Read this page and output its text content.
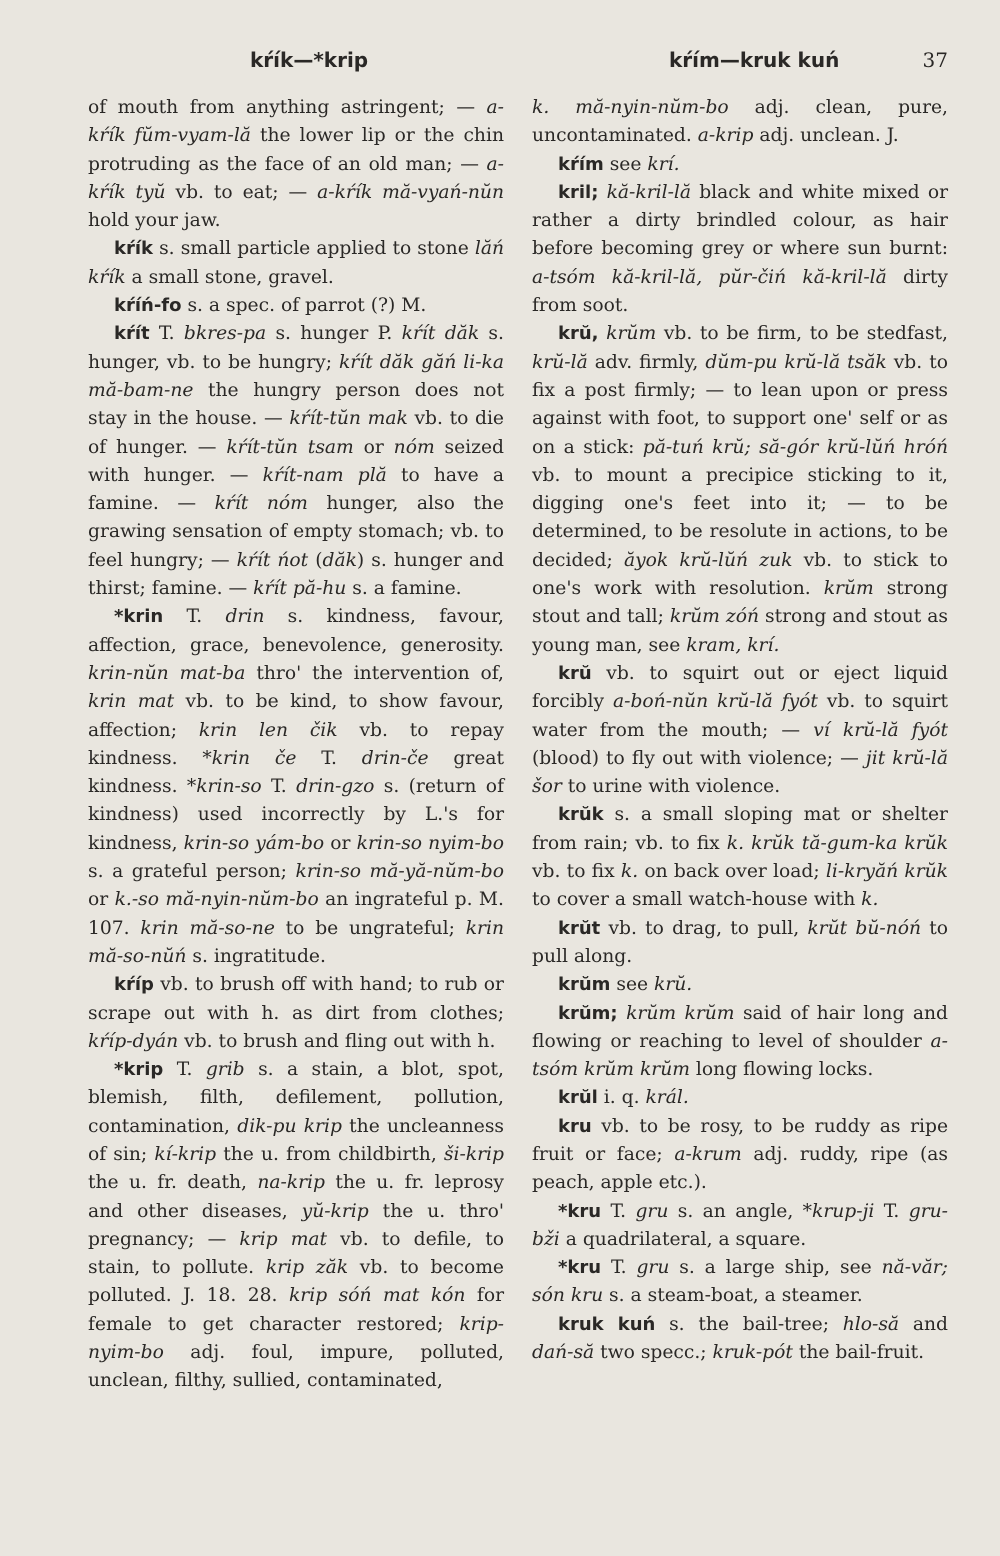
kŕík—*krip	kŕím—kruk kuń	37

of mouth from anything astringent; — a-kŕík fŭm-vyam-lă the lower lip or the chin protruding as the face of an old man; — a-kŕík tyŭ vb. to eat; — a-kŕík mă-vyań-nŭn hold your jaw.

kŕík s. small particle applied to stone lăń kŕík a small stone, gravel.

kŕíń-fo s. a spec. of parrot (?) M.

kŕít T. bkres-pa s. hunger P. kŕít dăk s. hunger, vb. to be hungry; kŕít dăk găń li-ka mă-bam-ne the hungry person does not stay in the house. — kŕít-tŭn mak vb. to die of hunger. — kŕít-tŭn tsam or nóm seized with hunger. — kŕít-nam plă to have a famine. — kŕít nóm hunger, also the grawing sensation of empty stomach; vb. to feel hungry; — kŕít ńot (dăk) s. hunger and thirst; famine. — kŕít pă-hu s. a famine.

*krin T. drin s. kindness, favour, affection, grace, benevolence, generosity. krin-nŭn mat-ba thro' the intervention of, krin mat vb. to be kind, to show favour, affection; krin len čik vb. to repay kindness. *krin če T. drin-če great kindness. *krin-so T. drin-gzo s. (return of kindness) used incorrectly by L.'s for kindness, krin-so yám-bo or krin-so nyim-bo s. a grateful person; krin-so mă-yă-nŭm-bo or k.-so mă-nyin-nŭm-bo an ingrateful p. M. 107. krin mă-so-ne to be ungrateful; krin mă-so-nŭń s. ingratitude.

kŕíp vb. to brush off with hand; to rub or scrape out with h. as dirt from clothes; kŕíp-dyán vb. to brush and fling out with h.

*krip T. grib s. a stain, a blot, spot, blemish, filth, defilement, pollution, contamination, dik-pu krip the uncleanness of sin; kí-krip the u. from childbirth, ši-krip the u. fr. death, na-krip the u. fr. leprosy and other diseases, yŭ-krip the u. thro' pregnancy; — krip mat vb. to defile, to stain, to pollute. krip zăk vb. to become polluted. J. 18. 28. krip sóń mat kón for female to get character restored; krip-nyim-bo adj. foul, impure, polluted, unclean, filthy, sullied, contaminated,

k. mă-nyin-nŭm-bo adj. clean, pure, uncontaminated. a-krip adj. unclean. J.

kŕím see krí.

kril; kă-kril-lă black and white mixed or rather a dirty brindled colour, as hair before becoming grey or where sun burnt: a-tsóm kă-kril-lă, pŭr-čiń kă-kril-lă dirty from soot.

krŭ, krŭm vb. to be firm, to be stedfast, krŭ-lă adv. firmly, dŭm-pu krŭ-lă tsăk vb. to fix a post firmly; — to lean upon or press against with foot, to support one' self or as on a stick: pă-tuń krŭ; să-gór krŭ-lŭń hróń vb. to mount a precipice sticking to it, digging one's feet into it; — to be determined, to be resolute in actions, to be decided; ăyok krŭ-lŭń zuk vb. to stick to one's work with resolution. krŭm strong stout and tall; krŭm zóń strong and stout as young man, see kram, krí.

krŭ vb. to squirt out or eject liquid forcibly a-boń-nŭn krŭ-lă fyót vb. to squirt water from the mouth; — ví krŭ-lă fyót (blood) to fly out with violence; — jit krŭ-lă šor to urine with violence.

krŭk s. a small sloping mat or shelter from rain; vb. to fix k. krŭk tă-gum-ka krŭk vb. to fix k. on back over load; li-kryăń krŭk to cover a small watch-house with k.

krŭt vb. to drag, to pull, krŭt bŭ-nóń to pull along.

krŭm see krŭ.

krŭm; krŭm krŭm said of hair long and flowing or reaching to level of shoulder a-tsóm krŭm krŭm long flowing locks.

krŭl i. q. král.

kru vb. to be rosy, to be ruddy as ripe fruit or face; a-krum adj. ruddy, ripe (as peach, apple etc.).

*kru T. gru s. an angle, *krup-ji T. gru-bži a quadrilateral, a square.

*kru T. gru s. a large ship, see nă-văr; són kru s. a steam-boat, a steamer.

kruk kuń s. the bail-tree; hlo-să and dań-să two specc.; kruk-pót the bail-fruit.
